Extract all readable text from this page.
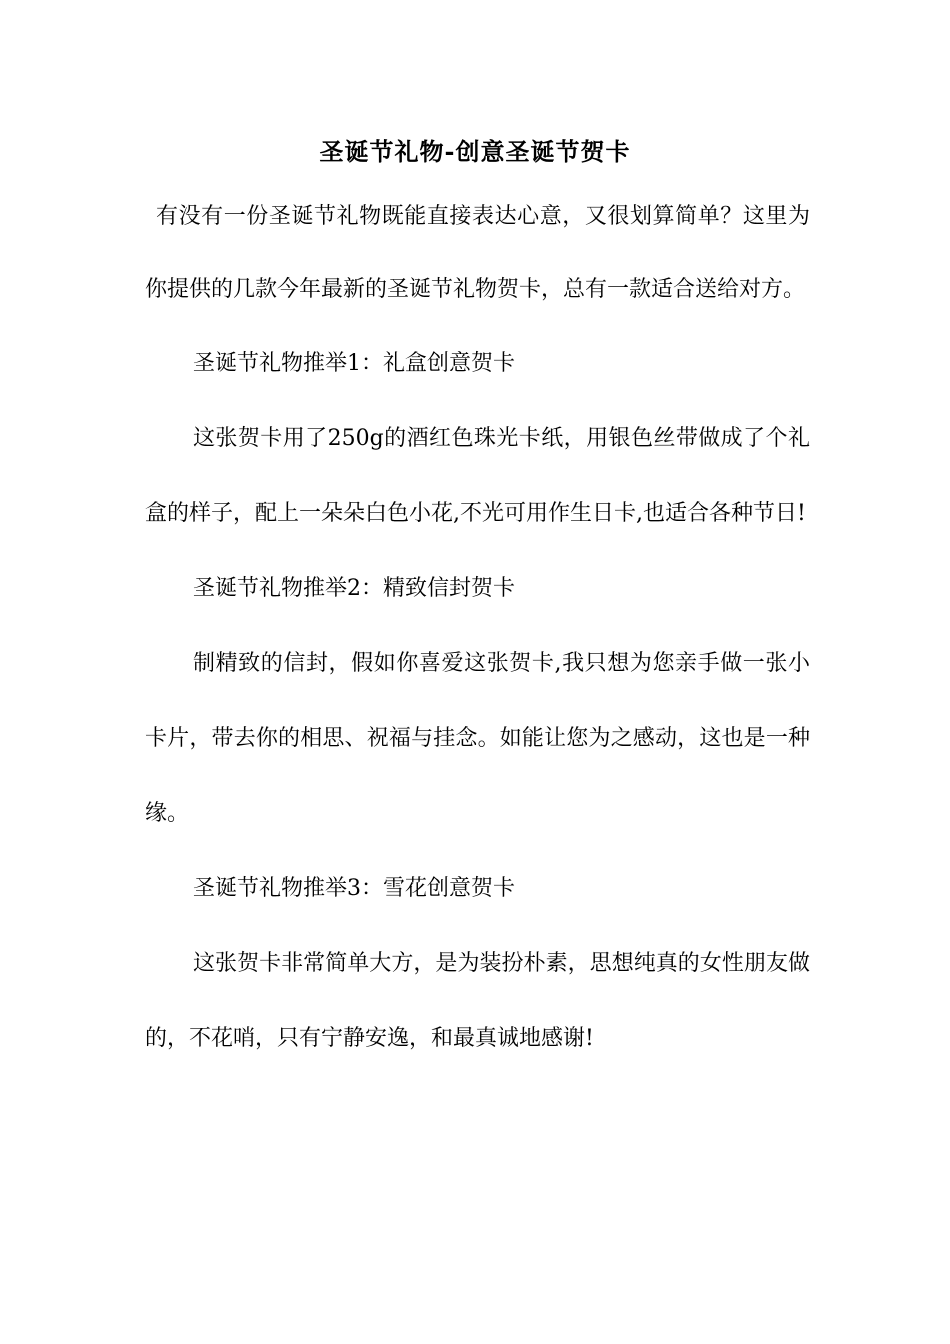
圣诞节礼物-创意圣诞节贺卡

有没有一份圣诞节礼物既能直接表达心意，又很划算简单？这里为你提供的几款今年最新的圣诞节礼物贺卡，总有一款适合送给对方。

圣诞节礼物推举1：礼盒创意贺卡

这张贺卡用了250g的酒红色珠光卡纸，用银色丝带做成了个礼盒的样子，配上一朵朵白色小花,不光可用作生日卡,也适合各种节日!

圣诞节礼物推举2：精致信封贺卡

制精致的信封，假如你喜爱这张贺卡,我只想为您亲手做一张小卡片，带去你的相思、祝福与挂念。如能让您为之感动，这也是一种缘。

圣诞节礼物推举3：雪花创意贺卡

这张贺卡非常简单大方，是为装扮朴素，思想纯真的女性朋友做的，不花哨，只有宁静安逸，和最真诚地感谢!
